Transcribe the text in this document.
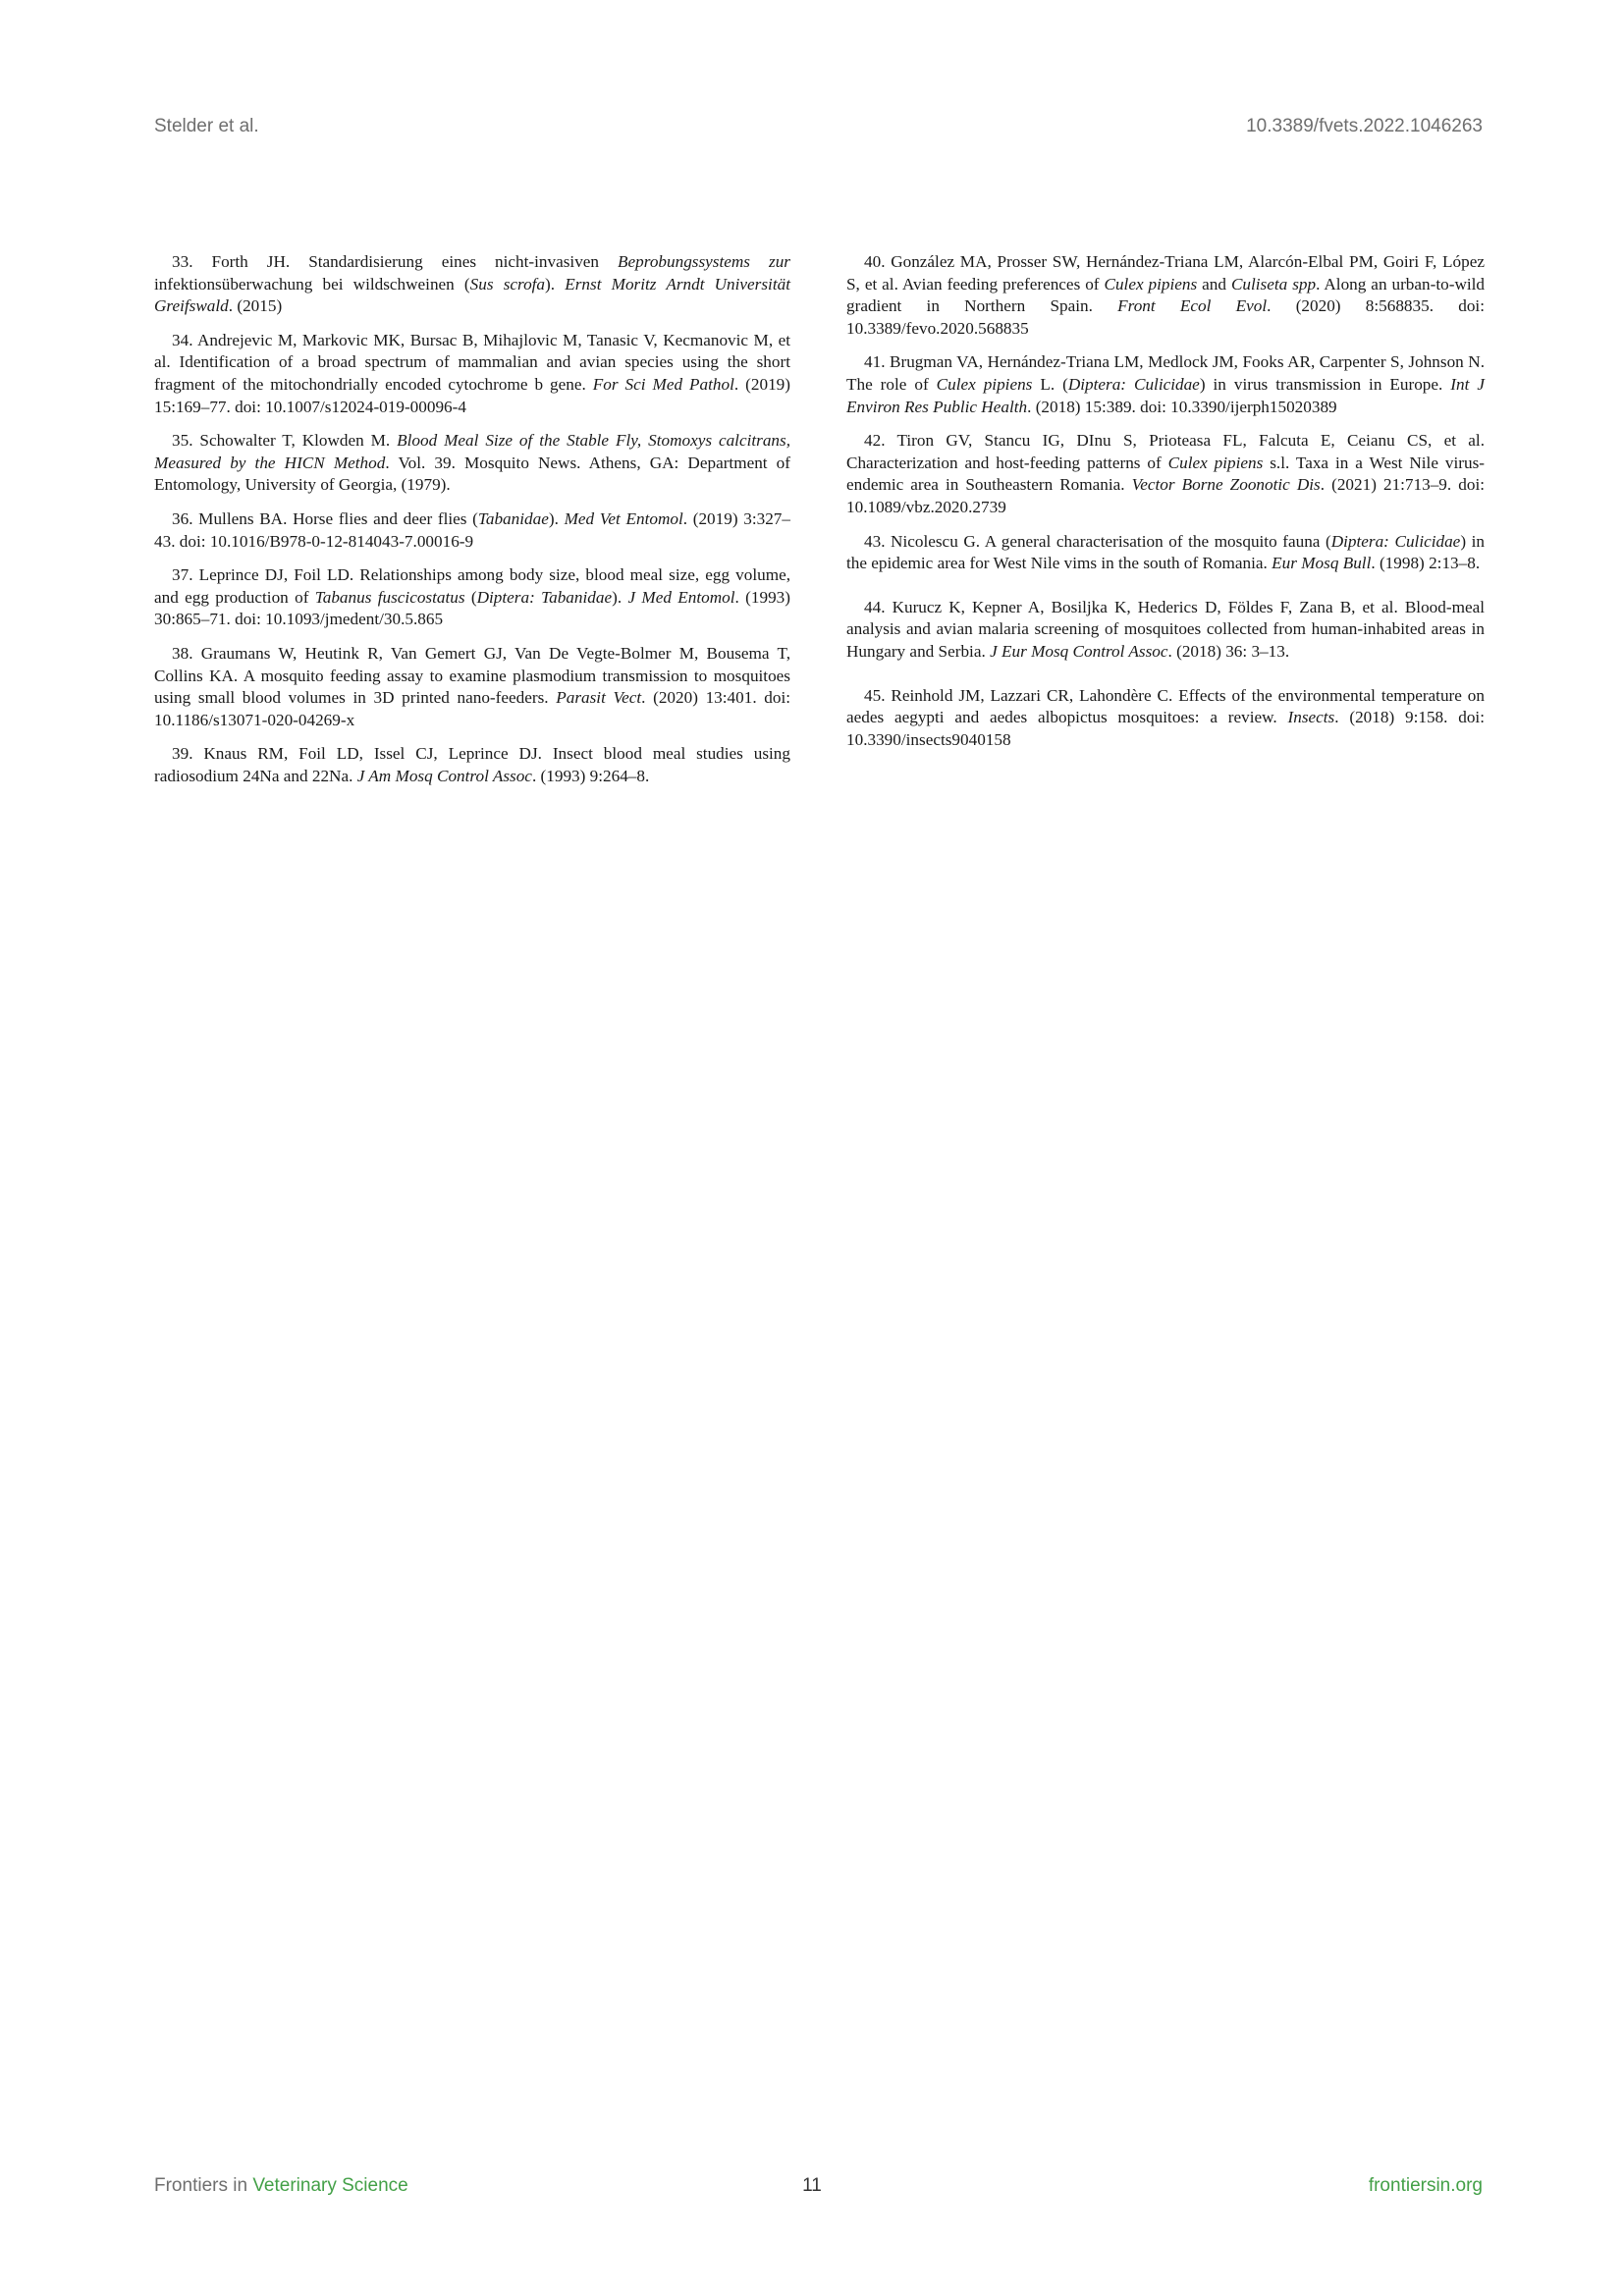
Stelder et al.	10.3389/fvets.2022.1046263

33. Forth JH. Standardisierung eines nicht-invasiven Beprobungssystems zur infektionsüberwachung bei wildschweinen (Sus scrofa). Ernst Moritz Arndt Universität Greifswald. (2015)

34. Andrejevic M, Markovic MK, Bursac B, Mihajlovic M, Tanasic V, Kecmanovic M, et al. Identification of a broad spectrum of mammalian and avian species using the short fragment of the mitochondrially encoded cytochrome b gene. For Sci Med Pathol. (2019) 15:169–77. doi: 10.1007/s12024-019-00096-4

35. Schowalter T, Klowden M. Blood Meal Size of the Stable Fly, Stomoxys calcitrans, Measured by the HICN Method. Vol. 39. Mosquito News. Athens, GA: Department of Entomology, University of Georgia, (1979).

36. Mullens BA. Horse flies and deer flies (Tabanidae). Med Vet Entomol. (2019) 3:327–43. doi: 10.1016/B978-0-12-814043-7.00016-9

37. Leprince DJ, Foil LD. Relationships among body size, blood meal size, egg volume, and egg production of Tabanus fuscicostatus (Diptera: Tabanidae). J Med Entomol. (1993) 30:865–71. doi: 10.1093/jmedent/30.5.865

38. Graumans W, Heutink R, Van Gemert GJ, Van De Vegte-Bolmer M, Bousema T, Collins KA. A mosquito feeding assay to examine plasmodium transmission to mosquitoes using small blood volumes in 3D printed nano-feeders. Parasit Vect. (2020) 13:401. doi: 10.1186/s13071-020-04269-x

39. Knaus RM, Foil LD, Issel CJ, Leprince DJ. Insect blood meal studies using radiosodium 24Na and 22Na. J Am Mosq Control Assoc. (1993) 9:264–8.

40. González MA, Prosser SW, Hernández-Triana LM, Alarcón-Elbal PM, Goiri F, López S, et al. Avian feeding preferences of Culex pipiens and Culiseta spp. Along an urban-to-wild gradient in Northern Spain. Front Ecol Evol. (2020) 8:568835. doi: 10.3389/fevo.2020.568835

41. Brugman VA, Hernández-Triana LM, Medlock JM, Fooks AR, Carpenter S, Johnson N. The role of Culex pipiens L. (Diptera: Culicidae) in virus transmission in Europe. Int J Environ Res Public Health. (2018) 15:389. doi: 10.3390/ijerph15020389

42. Tiron GV, Stancu IG, DInu S, Prioteasa FL, Falcuta E, Ceianu CS, et al. Characterization and host-feeding patterns of Culex pipiens s.l. Taxa in a West Nile virus-endemic area in Southeastern Romania. Vector Borne Zoonotic Dis. (2021) 21:713–9. doi: 10.1089/vbz.2020.2739

43. Nicolescu G. A general characterisation of the mosquito fauna (Diptera: Culicidae) in the epidemic area for West Nile vims in the south of Romania. Eur Mosq Bull. (1998) 2:13–8.

44. Kurucz K, Kepner A, Bosiljka K, Hederics D, Földes F, Zana B, et al. Blood-meal analysis and avian malaria screening of mosquitoes collected from human-inhabited areas in Hungary and Serbia. J Eur Mosq Control Assoc. (2018) 36: 3–13.

45. Reinhold JM, Lazzari CR, Lahondère C. Effects of the environmental temperature on aedes aegypti and aedes albopictus mosquitoes: a review. Insects. (2018) 9:158. doi: 10.3390/insects9040158

Frontiers in Veterinary Science	11	frontiersin.org
